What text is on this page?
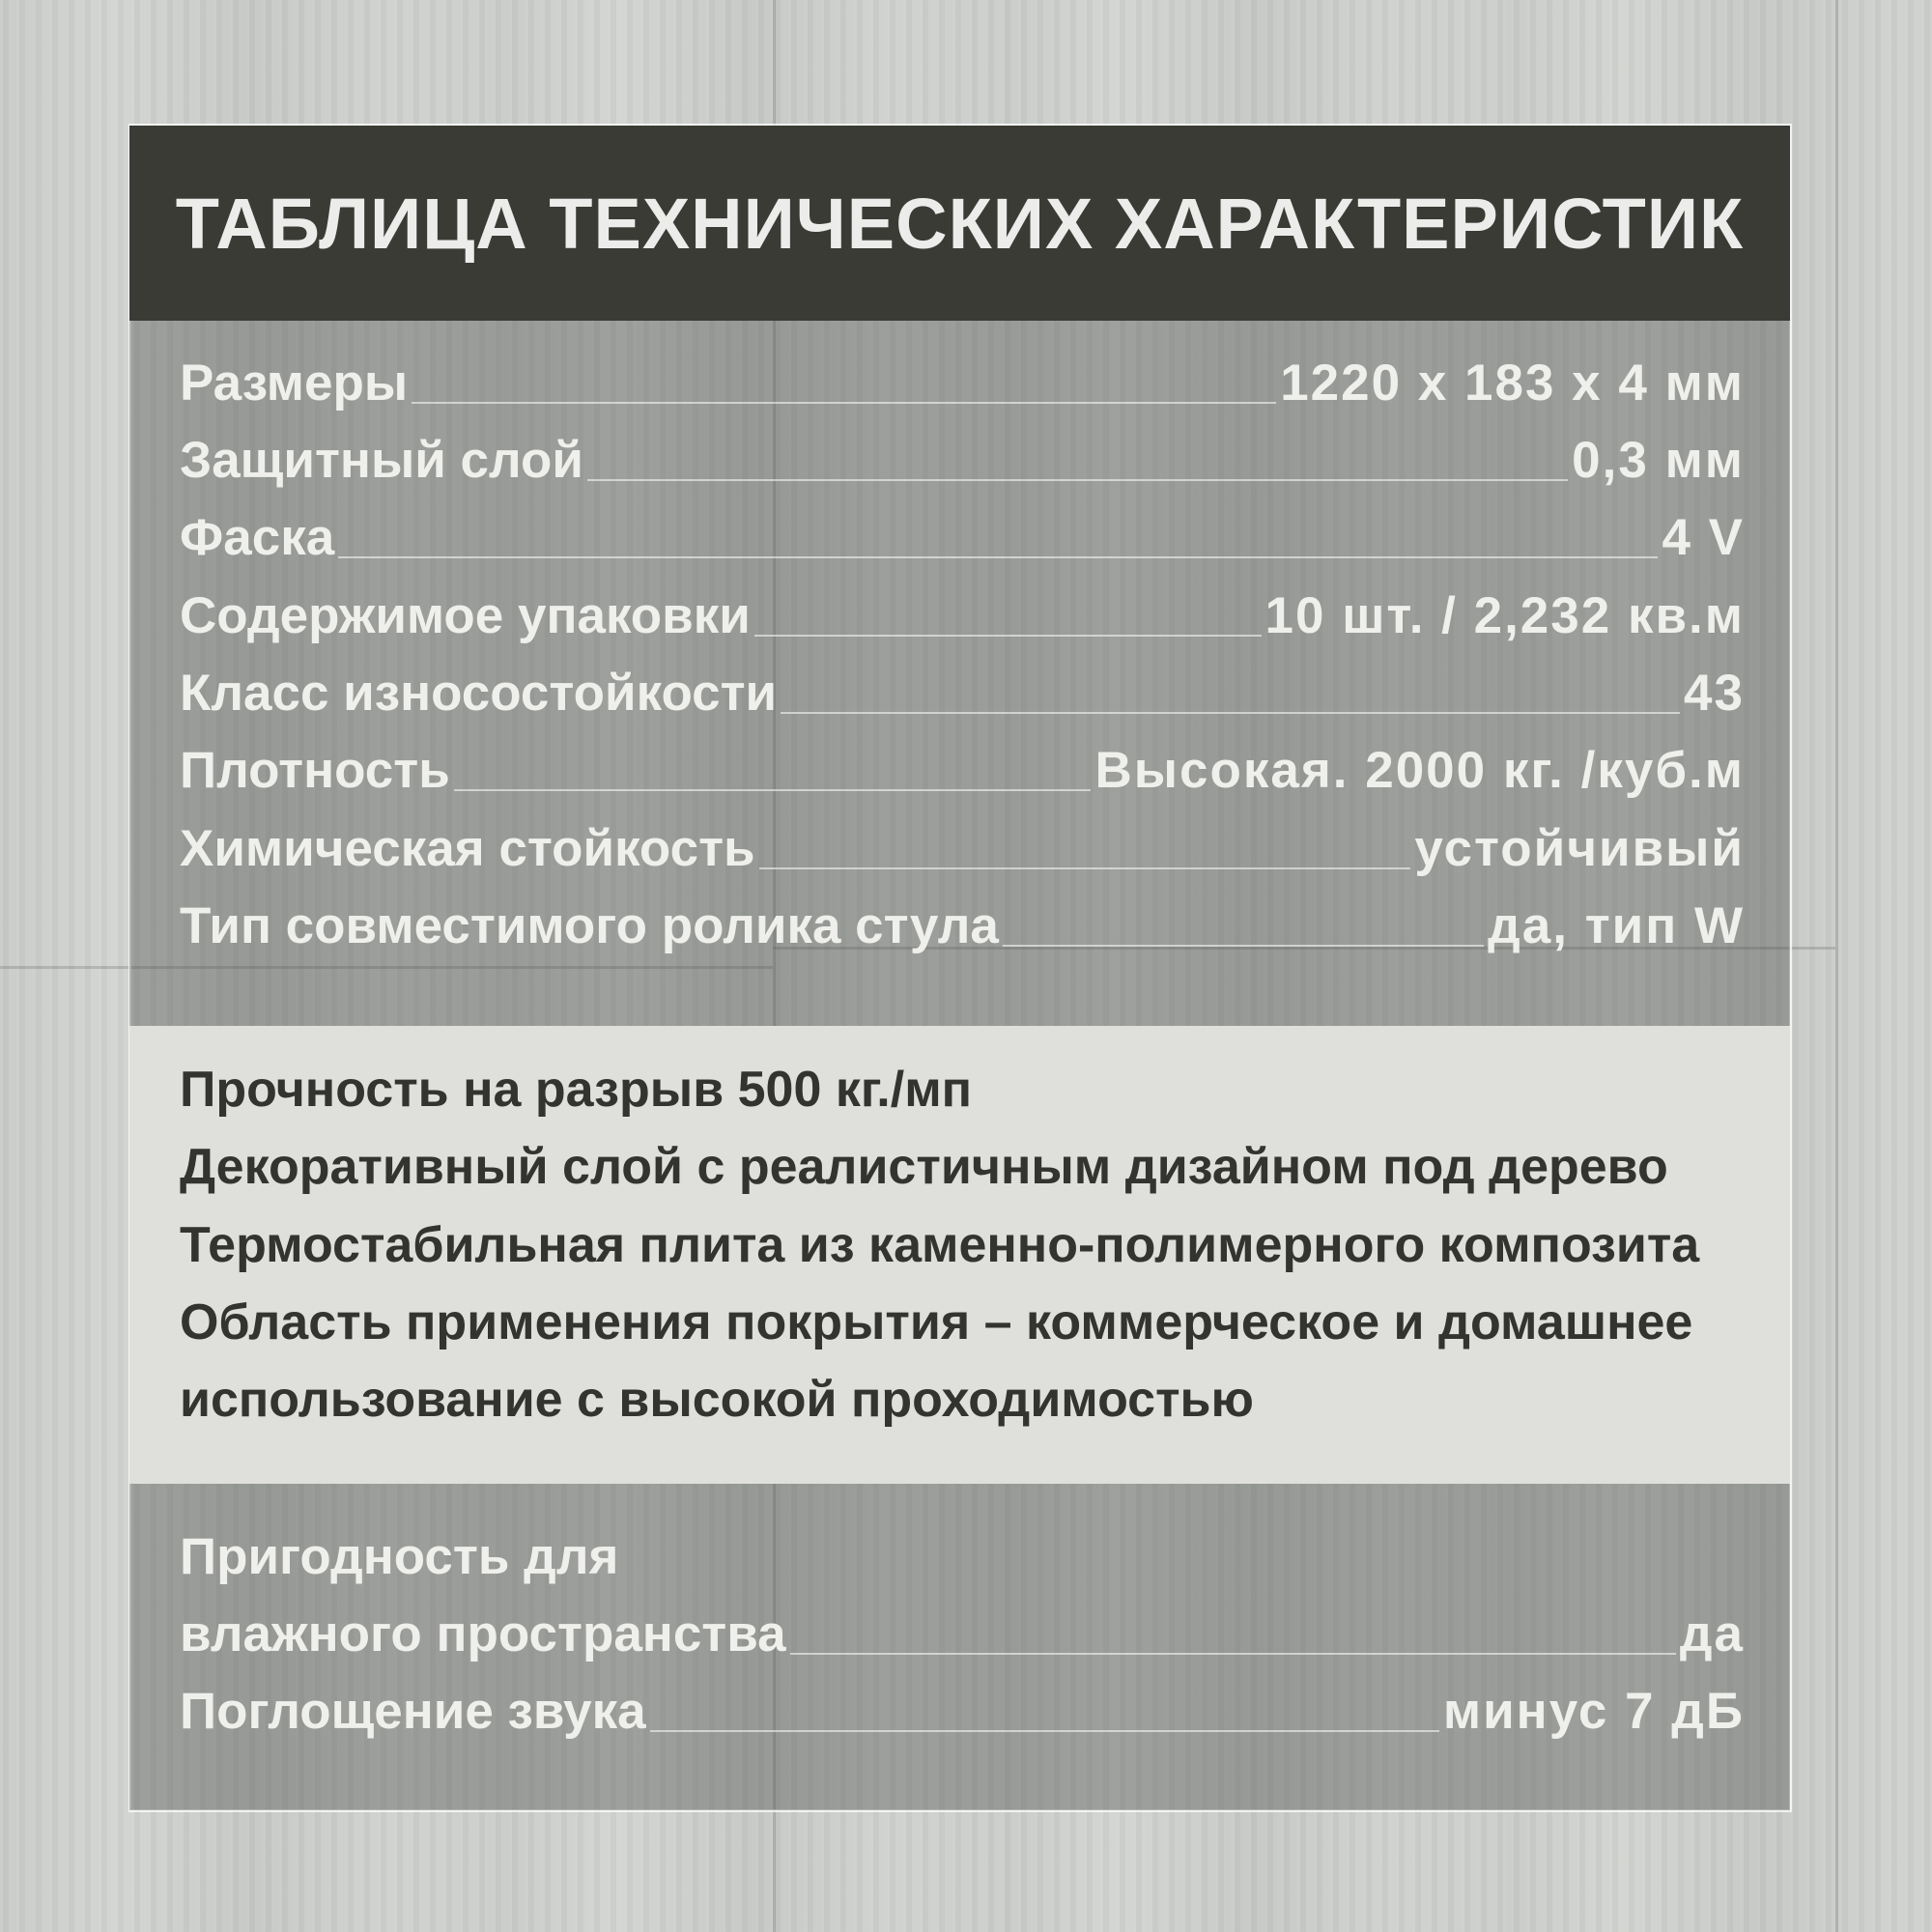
ТАБЛИЦА ТЕХНИЧЕСКИХ ХАРАКТЕРИСТИК
Размеры	1220 x 183 x 4 мм
Защитный слой	0,3 мм
Фаска	4 V
Содержимое упаковки	10 шт. / 2,232 кв.м
Класс износостойкости	43
Плотность	Высокая. 2000 кг. /куб.м
Химическая стойкость	устойчивый
Тип совместимого ролика стула	да, тип W
Прочность на разрыв 500 кг./мп
Декоративный слой с реалистичным дизайном под дерево
Термостабильная плита из каменно-полимерного композита
Область применения покрытия – коммерческое и домашнее
использование с высокой проходимостью
Пригодность для
влажного пространства	да
Поглощение звука	минус 7 дБ
